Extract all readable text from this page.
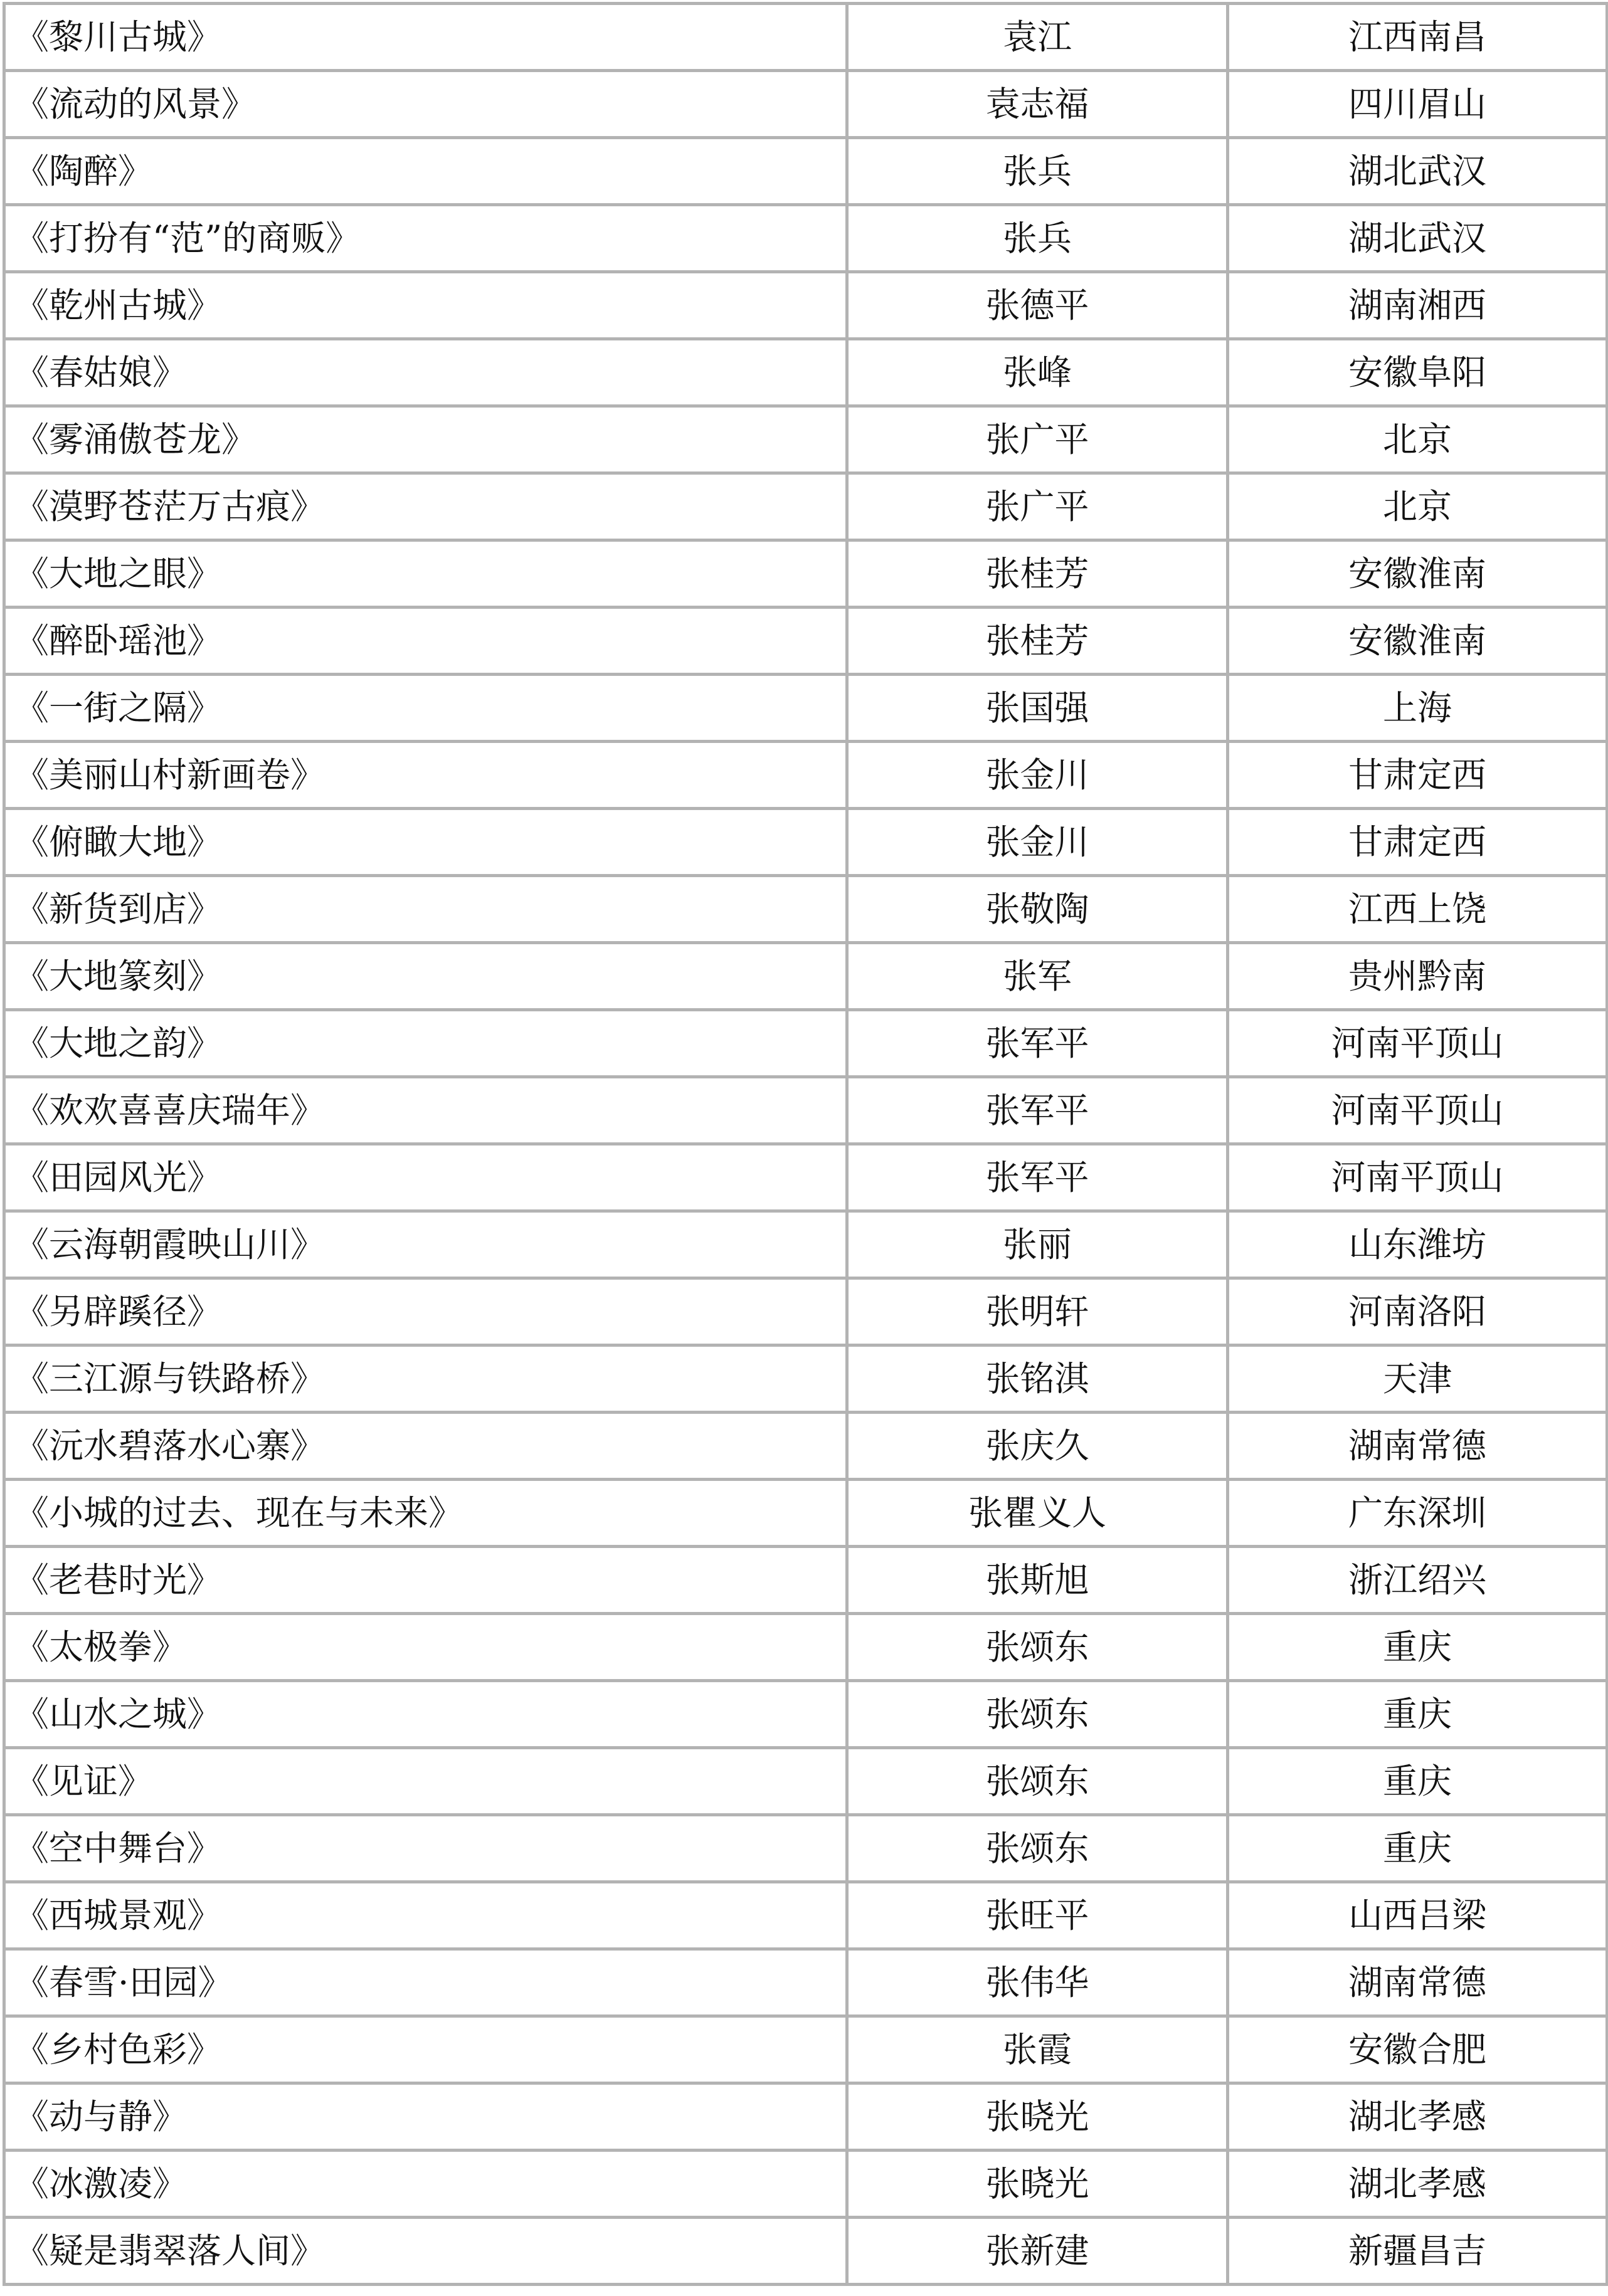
《黎川古城》	袁江	江西南昌
《流动的风景》	袁志福	四川眉山
《陶醉》	张兵	湖北武汉
《打扮有“范”的商贩》	张兵	湖北武汉
《乾州古城》	张德平	湖南湘西
《春姑娘》	张峰	安徽阜阳
《雾涌傲苍龙》	张广平	北京
《漠野苍茫万古痕》	张广平	北京
《大地之眼》	张桂芳	安徽淮南
《醉卧瑶池》	张桂芳	安徽淮南
《一街之隔》	张国强	上海
《美丽山村新画卷》	张金川	甘肃定西
《俯瞰大地》	张金川	甘肃定西
《新货到店》	张敬陶	江西上饶
《大地篆刻》	张军	贵州黔南
《大地之韵》	张军平	河南平顶山
《欢欢喜喜庆瑞年》	张军平	河南平顶山
《田园风光》	张军平	河南平顶山
《云海朝霞映山川》	张丽	山东潍坊
《另辟蹊径》	张明轩	河南洛阳
《三江源与铁路桥》	张铭淇	天津
《沅水碧落水心寨》	张庆久	湖南常德
《小城的过去、现在与未来》	张瞿义人	广东深圳
《老巷时光》	张斯旭	浙江绍兴
《太极拳》	张颂东	重庆
《山水之城》	张颂东	重庆
《见证》	张颂东	重庆
《空中舞台》	张颂东	重庆
《西城景观》	张旺平	山西吕梁
《春雪·田园》	张伟华	湖南常德
《乡村色彩》	张霞	安徽合肥
《动与静》	张晓光	湖北孝感
《冰激凌》	张晓光	湖北孝感
《疑是翡翠落人间》	张新建	新疆昌吉
